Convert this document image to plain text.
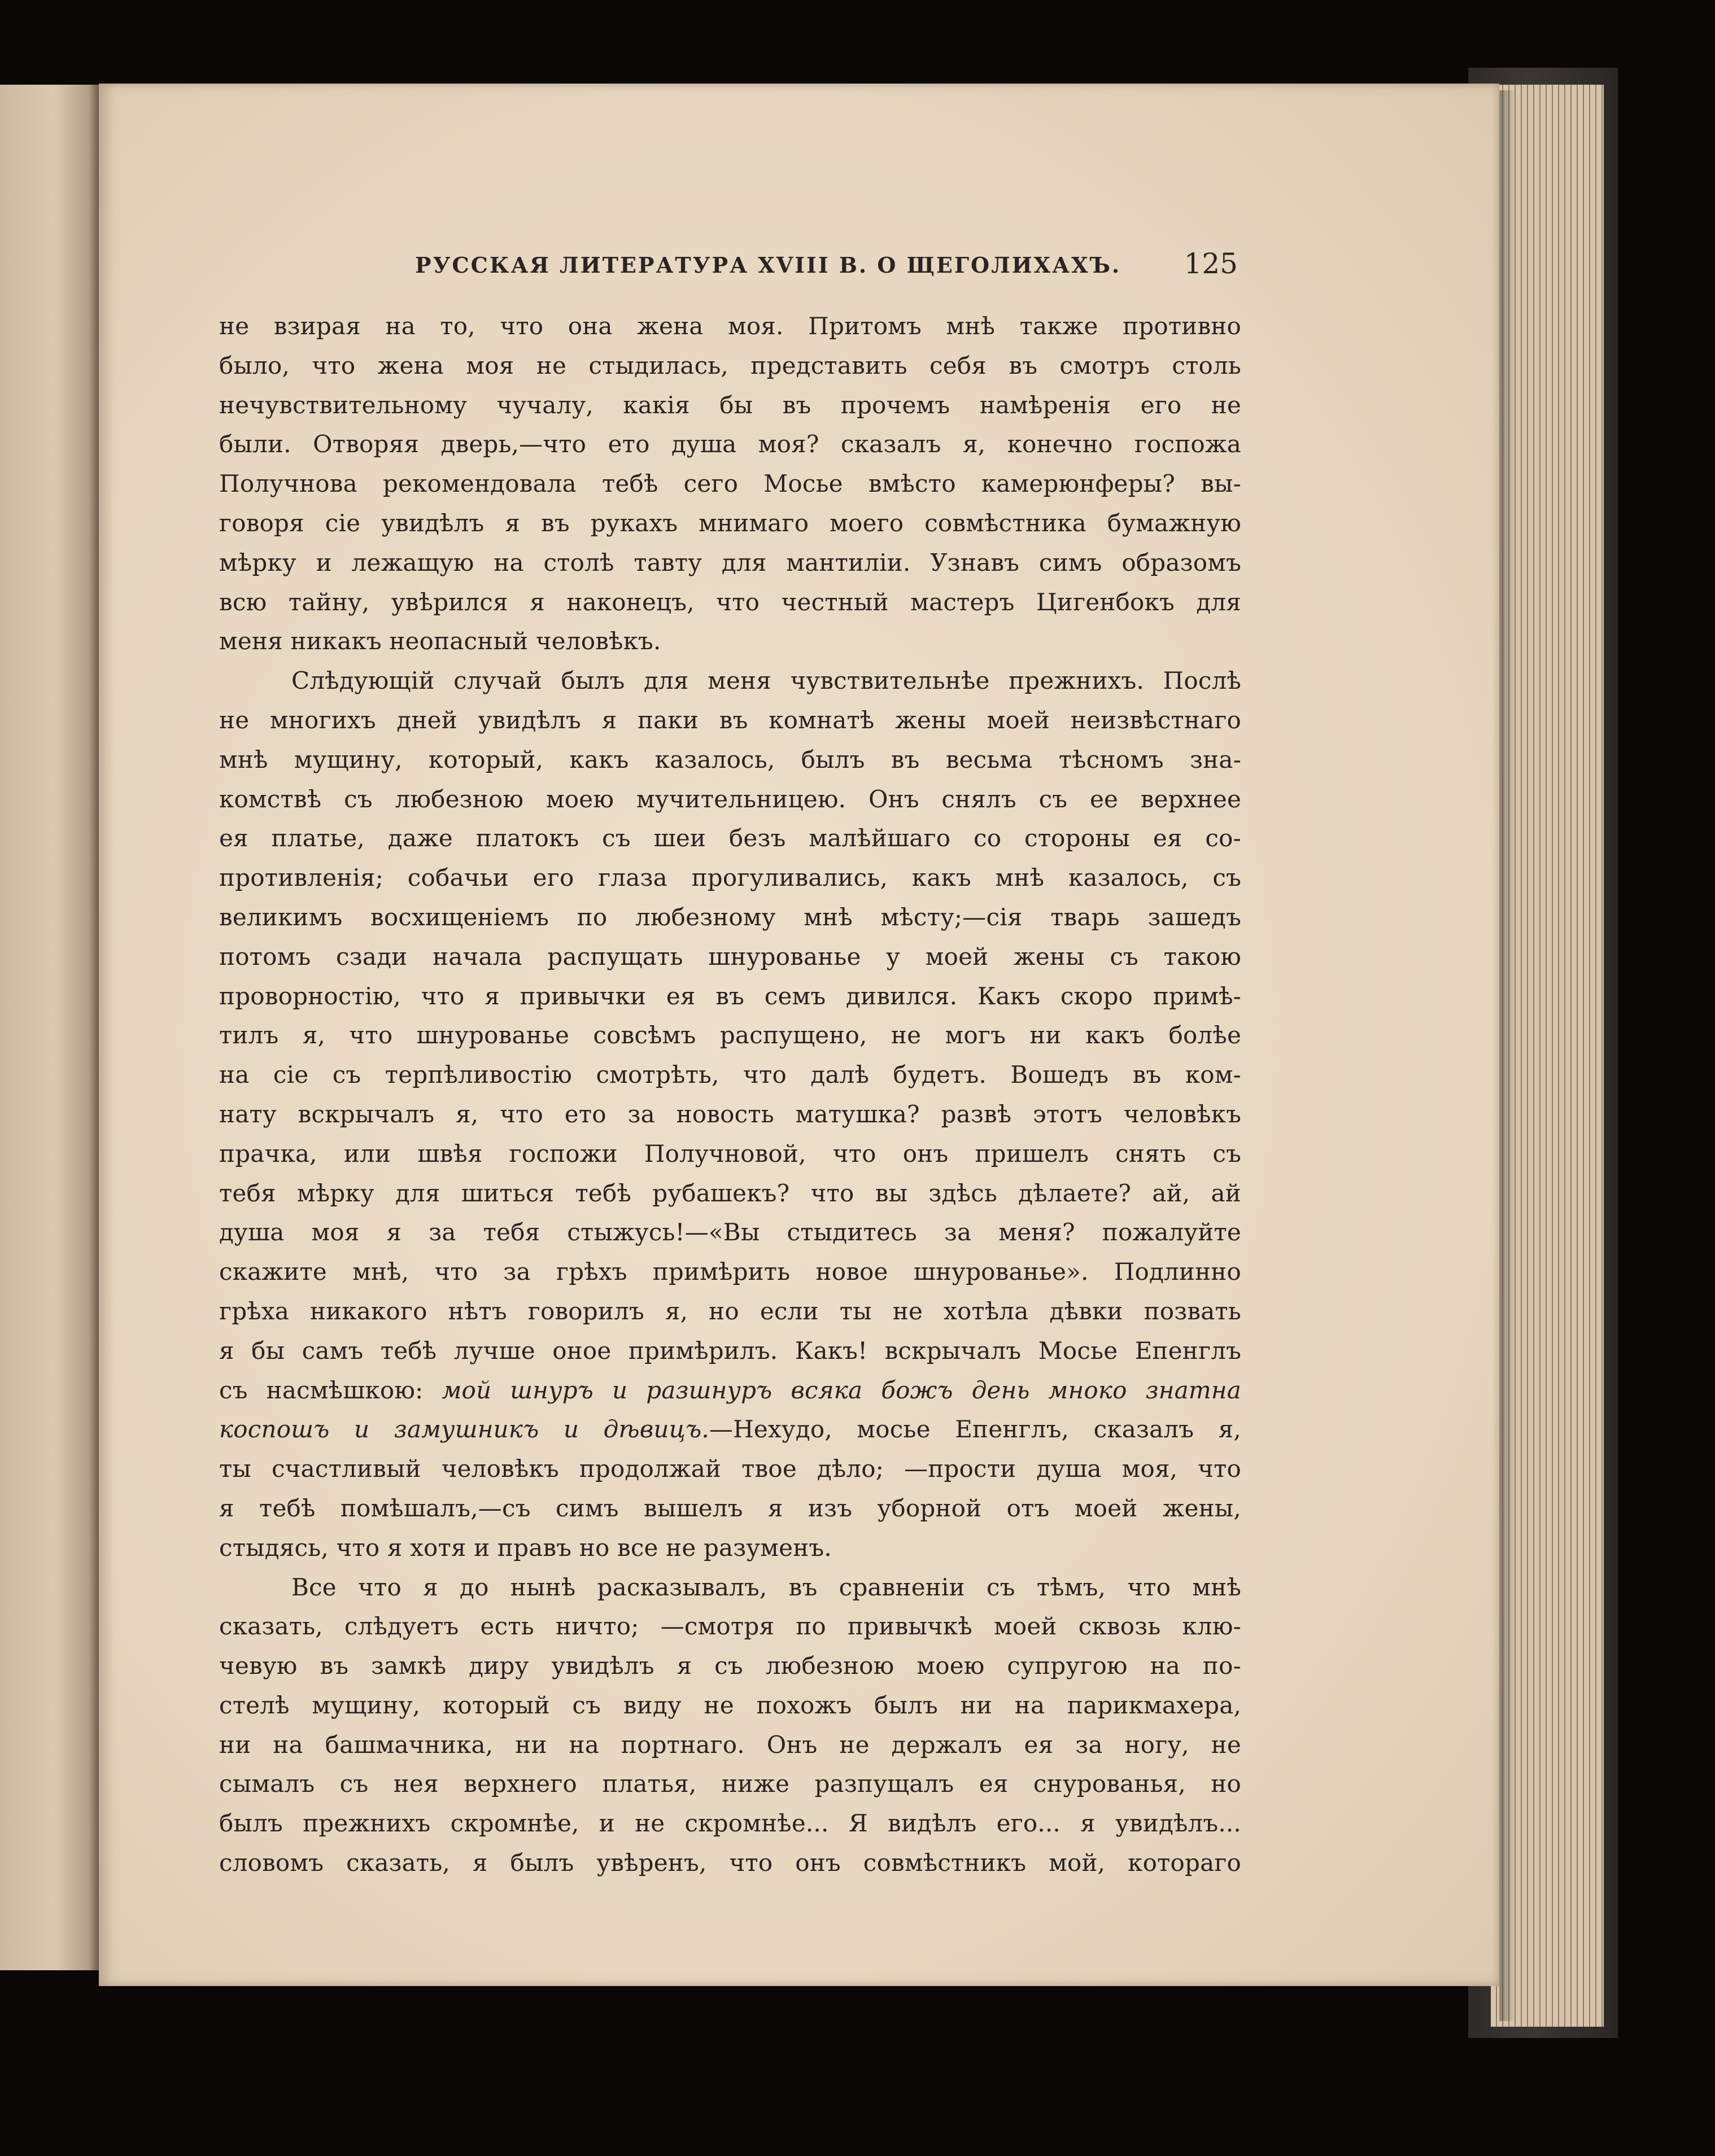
РУССКАЯ ЛИТЕРАТУРА XVIII В. О ЩЕГОЛИХАХЪ.	125
не взирая на то, что она жена моя. Притомъ мнѣ также противно
было, что жена моя не стыдилась, представить себя въ смотръ столь
нечувствительному чучалу, какія бы въ прочемъ намѣренія его не
были. Отворяя дверь,—что ето душа моя? сказалъ я, конечно госпожа
Получнова рекомендовала тебѣ сего Мосье вмѣсто камерюнферы? вы-
говоря сіе увидѣлъ я въ рукахъ мнимаго моего совмѣстника бумажную
мѣрку и лежащую на столѣ тавту для мантиліи. Узнавъ симъ образомъ
всю тайну, увѣрился я наконецъ, что честный мастеръ Цигенбокъ для
меня никакъ неопасный человѣкъ.
Слѣдующій случай былъ для меня чувствительнѣе прежнихъ. Послѣ
не многихъ дней увидѣлъ я паки въ комнатѣ жены моей неизвѣстнаго
мнѣ мущину, который, какъ казалось, былъ въ весьма тѣсномъ зна-
комствѣ съ любезною моею мучительницею. Онъ снялъ съ ее верхнее
ея платье, даже платокъ съ шеи безъ малѣйшаго со стороны ея со-
противленія; собачьи его глаза прогуливались, какъ мнѣ казалось, съ
великимъ восхищеніемъ по любезному мнѣ мѣсту;—сія тварь зашедъ
потомъ сзади начала распущать шнурованье у моей жены съ такою
проворностію, что я привычки ея въ семъ дивился. Какъ скоро примѣ-
тилъ я, что шнурованье совсѣмъ распущено, не могъ ни какъ болѣе
на сіе съ терпѣливостію смотрѣть, что далѣ будетъ. Вошедъ въ ком-
нату вскрычалъ я, что ето за новость матушка? развѣ этотъ человѣкъ
прачка, или швѣя госпожи Получновой, что онъ пришелъ снять съ
тебя мѣрку для шиться тебѣ рубашекъ? что вы здѣсь дѣлаете? ай, ай
душа моя я за тебя стыжусь!—«Вы стыдитесь за меня? пожалуйте
скажите мнѣ, что за грѣхъ примѣрить новое шнурованье». Подлинно
грѣха никакого нѣтъ говорилъ я, но если ты не хотѣла дѣвки позвать
я бы самъ тебѣ лучше оное примѣрилъ. Какъ! вскрычалъ Мосье Епенглъ
съ насмѣшкою: мой шнуръ и разшнуръ всяка божъ день мноко знатна
коспошъ и замушникъ и дѣвицъ.—Нехудо, мосье Епенглъ, сказалъ я,
ты счастливый человѣкъ продолжай твое дѣло; —прости душа моя, что
я тебѣ помѣшалъ,—съ симъ вышелъ я изъ уборной отъ моей жены,
стыдясь, что я хотя и правъ но все не разуменъ.
Все что я до нынѣ расказывалъ, въ сравненіи съ тѣмъ, что мнѣ
сказать, слѣдуетъ есть ничто; —смотря по привычкѣ моей сквозь клю-
чевую въ замкѣ диру увидѣлъ я съ любезною моею супругою на по-
стелѣ мущину, который съ виду не похожъ былъ ни на парикмахера,
ни на башмачника, ни на портнаго. Онъ не держалъ ея за ногу, не
сымалъ съ нея верхнего платья, ниже разпущалъ ея снурованья, но
былъ прежнихъ скромнѣе, и не скромнѣе... Я видѣлъ его... я увидѣлъ...
словомъ сказать, я былъ увѣренъ, что онъ совмѣстникъ мой, котораго
